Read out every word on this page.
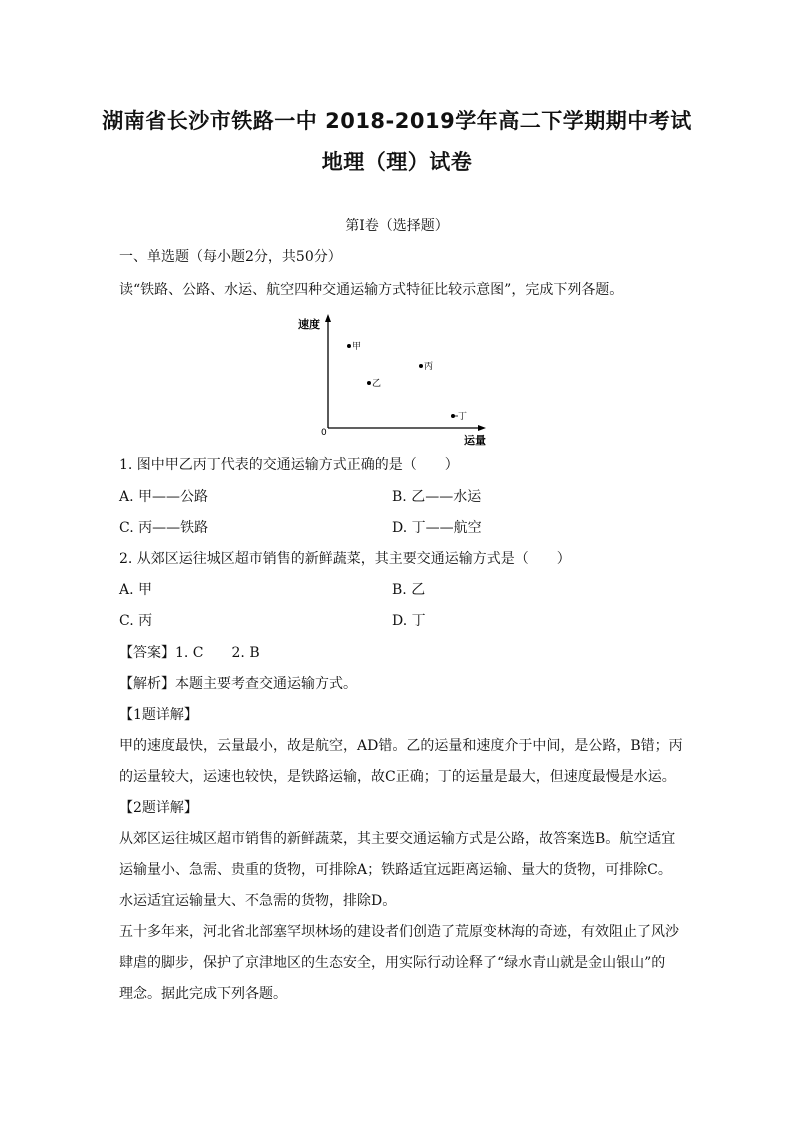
湖南省长沙市铁路一中 2018-2019学年高二下学期期中考试
地理（理）试卷
第I卷（选择题）
一、单选题（每小题2分，共50分）
读“铁路、公路、水运、航空四种交通运输方式特征比较示意图”，完成下列各题。
速度
运量
0
甲
乙
丙
丁
1. 图中甲乙丙丁代表的交通运输方式正确的是（　　）
A. 甲——公路	B. 乙——水运
C. 丙——铁路	D. 丁——航空
2. 从郊区运往城区超市销售的新鲜蔬菜，其主要交通运输方式是（　　）
A. 甲	B. 乙
C. 丙	D. 丁
【答案】1. C　　2. B
【解析】本题主要考查交通运输方式。
【1题详解】
甲的速度最快，云量最小，故是航空，AD错。乙的运量和速度介于中间，是公路，B错；丙
的运量较大，运速也较快，是铁路运输，故C正确；丁的运量是最大，但速度最慢是水运。
【2题详解】
从郊区运往城区超市销售的新鲜蔬菜，其主要交通运输方式是公路，故答案选B。航空适宜
运输量小、急需、贵重的货物，可排除A；铁路适宜远距离运输、量大的货物，可排除C。
水运适宜运输量大、不急需的货物，排除D。
五十多年来，河北省北部塞罕坝林场的建设者们创造了荒原变林海的奇迹，有效阻止了风沙
肆虐的脚步，保护了京津地区的生态安全，用实际行动诠释了“绿水青山就是金山银山”的
理念。据此完成下列各题。
